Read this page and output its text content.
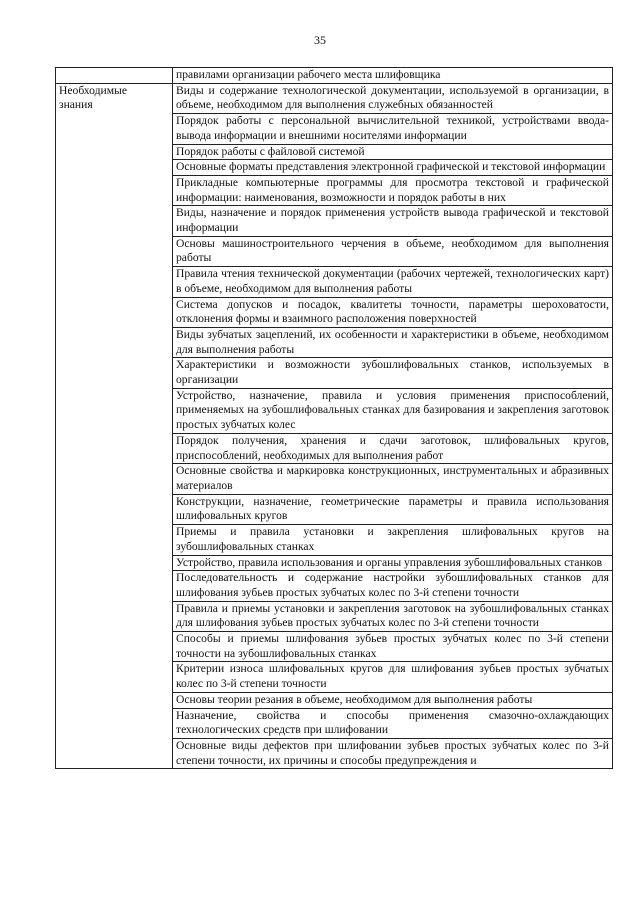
35
	правилами организации рабочего места шлифовщика

Необходимые
знания	Виды и содержание технологической документации, используемой в организации, в объеме, необходимом для выполнения служебных обязанностей
	Порядок работы с персональной вычислительной техникой, устройствами ввода-вывода информации и внешними носителями информации
	Порядок работы с файловой системой
	Основные форматы представления электронной графической и текстовой информации
	Прикладные компьютерные программы для просмотра текстовой и графической информации: наименования, возможности и порядок работы в них
	Виды, назначение и порядок применения устройств вывода графической и текстовой информации
	Основы машиностроительного черчения в объеме, необходимом для выполнения работы
	Правила чтения технической документации (рабочих чертежей, технологических карт) в объеме, необходимом для выполнения работы
	Система допусков и посадок, квалитеты точности, параметры шероховатости, отклонения формы и взаимного расположения поверхностей
	Виды зубчатых зацеплений, их особенности и характеристики в объеме, необходимом для выполнения работы
	Характеристики и возможности зубошлифовальных станков, используемых в организации
	Устройство, назначение, правила и условия применения приспособлений, применяемых на зубошлифовальных станках для базирования и закрепления заготовок простых зубчатых колес
	Порядок получения, хранения и сдачи заготовок, шлифовальных кругов, приспособлений, необходимых для выполнения работ
	Основные свойства и маркировка конструкционных, инструментальных и абразивных материалов
	Конструкции, назначение, геометрические параметры и правила использования шлифовальных кругов
	Приемы и правила установки и закрепления шлифовальных кругов на зубошлифовальных станках
	Устройство, правила использования и органы управления зубошлифовальных станков
	Последовательность и содержание настройки зубошлифовальных станков для шлифования зубьев простых зубчатых колес по 3-й степени точности
	Правила и приемы установки и закрепления заготовок на зубошлифовальных станках для шлифования зубьев простых зубчатых колес по 3-й степени точности
	Способы и приемы шлифования зубьев простых зубчатых колес по 3-й степени точности на зубошлифовальных станках
	Критерии износа шлифовальных кругов для шлифования зубьев простых зубчатых колес по 3-й степени точности
	Основы теории резания в объеме, необходимом для выполнения работы
	Назначение, свойства и способы применения смазочно-охлаждающих технологических средств при шлифовании
	Основные виды дефектов при шлифовании зубьев простых зубчатых колес по 3-й степени точности, их причины и способы предупреждения и
